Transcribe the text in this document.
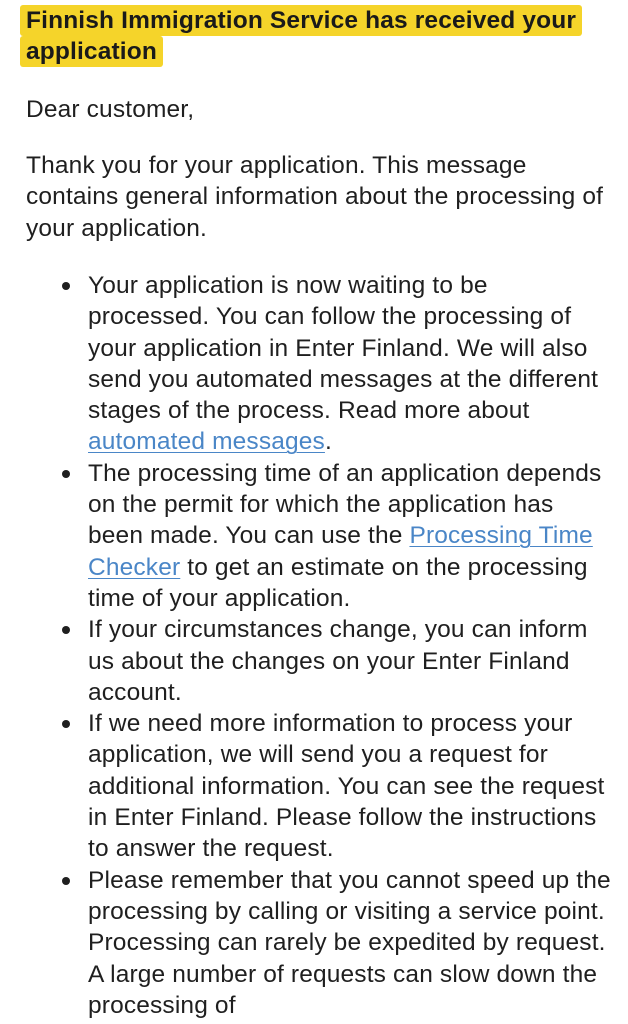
Finnish Immigration Service has received your application

Dear customer,

Thank you for your application. This message contains general information about the processing of your application.

Your application is now waiting to be processed. You can follow the processing of your application in Enter Finland. We will also send you automated messages at the different stages of the process. Read more about automated messages.
The processing time of an application depends on the permit for which the application has been made. You can use the Processing Time Checker to get an estimate on the processing time of your application.
If your circumstances change, you can inform us about the changes on your Enter Finland account.
If we need more information to process your application, we will send you a request for additional information. You can see the request in Enter Finland. Please follow the instructions to answer the request.
Please remember that you cannot speed up the processing by calling or visiting a service point. Processing can rarely be expedited by request. A large number of requests can slow down the processing of
